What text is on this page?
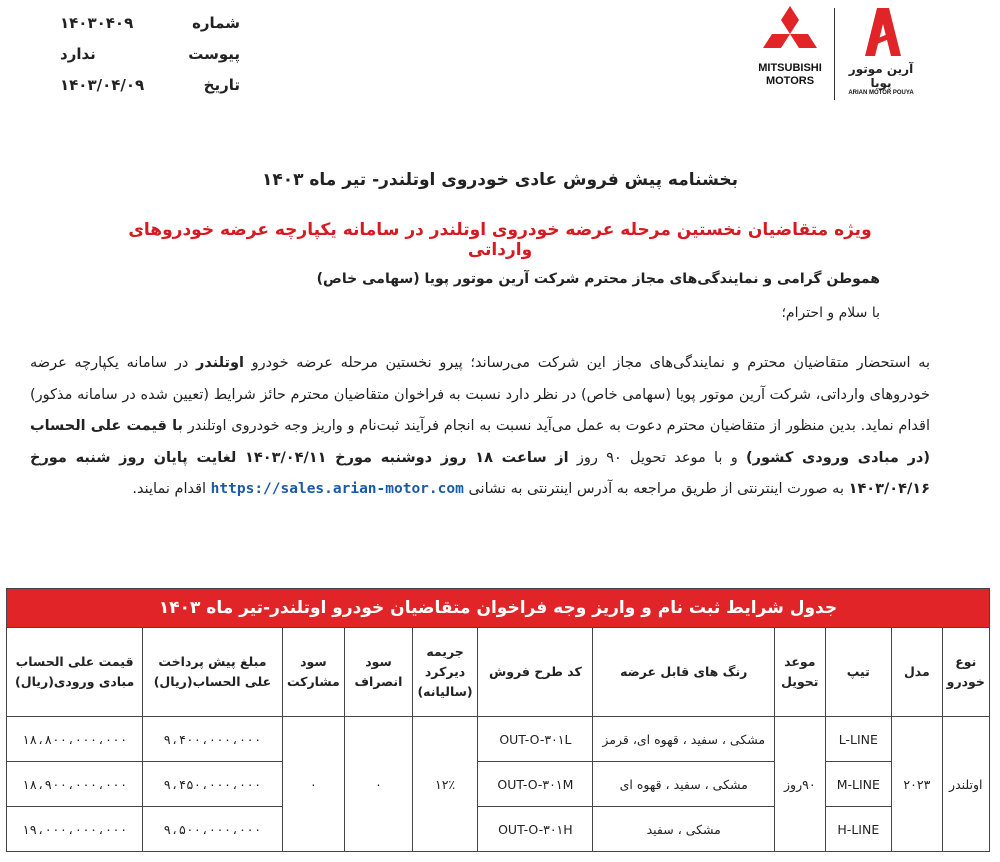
شماره
۱۴۰۳۰۴۰۹
پیوست
ندارد
تاریخ
۱۴۰۳/۰۴/۰۹
MITSUBISHI
MOTORS
آرین موتور پویا
ARIAN MOTOR POUYA
بخشنامه پیش فروش عادی خودروی اوتلندر- تیر ماه ۱۴۰۳
ویژه متقاضیان نخستین مرحله عرضه خودروی اوتلندر در سامانه یکپارچه عرضه خودروهای وارداتی
هموطن گرامی و نمایندگی‌های مجاز محترم شرکت آرین موتور پویا (سهامی خاص)
با سلام و احترام؛
به استحضار متقاضیان محترم و نمایندگی‌های مجاز این شرکت می‌رساند؛ پیرو نخستین مرحله عرضه خودرو اوتلندر در سامانه یکپارچه عرضه خودروهای وارداتی، شرکت آرین موتور پویا (سهامی خاص) در نظر دارد نسبت به فراخوان متقاضیان محترم حائز شرایط (تعیین شده در سامانه مذکور) اقدام نماید. بدین منظور از متقاضیان محترم دعوت به عمل می‌آید نسبت به انجام فرآیند ثبت‌نام و واریز وجه خودروی اوتلندر با قیمت علی الحساب (در مبادی ورودی کشور) و با موعد تحویل ۹۰ روز از ساعت ۱۸ روز دوشنبه مورخ ۱۴۰۳/۰۴/۱۱ لغایت پایان روز شنبه مورخ ۱۴۰۳/۰۴/۱۶ به صورت اینترنتی از طریق مراجعه به آدرس اینترنتی به نشانی https://sales.arian-motor.com اقدام نمایند.
جدول شرایط ثبت نام و واریز وجه فراخوان متقاضیان خودرو اوتلندر-تیر ماه ۱۴۰۳										
نوع خودرو	مدل	تیپ	موعد تحویل	رنگ های قابل عرضه	کد طرح فروش	جریمه دیرکرد (سالیانه)	سود انصراف	سود مشارکت	مبلغ پیش پرداخت علی الحساب(ریال)	قیمت علی الحساب مبادی ورودی(ریال)
اوتلندر	۲۰۲۳	L-LINE	۹۰روز	مشکی ، سفید ، قهوه ای، قرمز	OUT-O-۳۰۱L	۱۲٪	۰	۰	۹،۴۰۰،۰۰۰،۰۰۰	۱۸،۸۰۰،۰۰۰،۰۰۰
		M-LINE		مشکی ، سفید ، قهوه ای	OUT-O-۳۰۱M				۹،۴۵۰،۰۰۰،۰۰۰	۱۸،۹۰۰،۰۰۰،۰۰۰
		H-LINE		مشکی ، سفید	OUT-O-۳۰۱H				۹،۵۰۰،۰۰۰،۰۰۰	۱۹،۰۰۰،۰۰۰،۰۰۰
